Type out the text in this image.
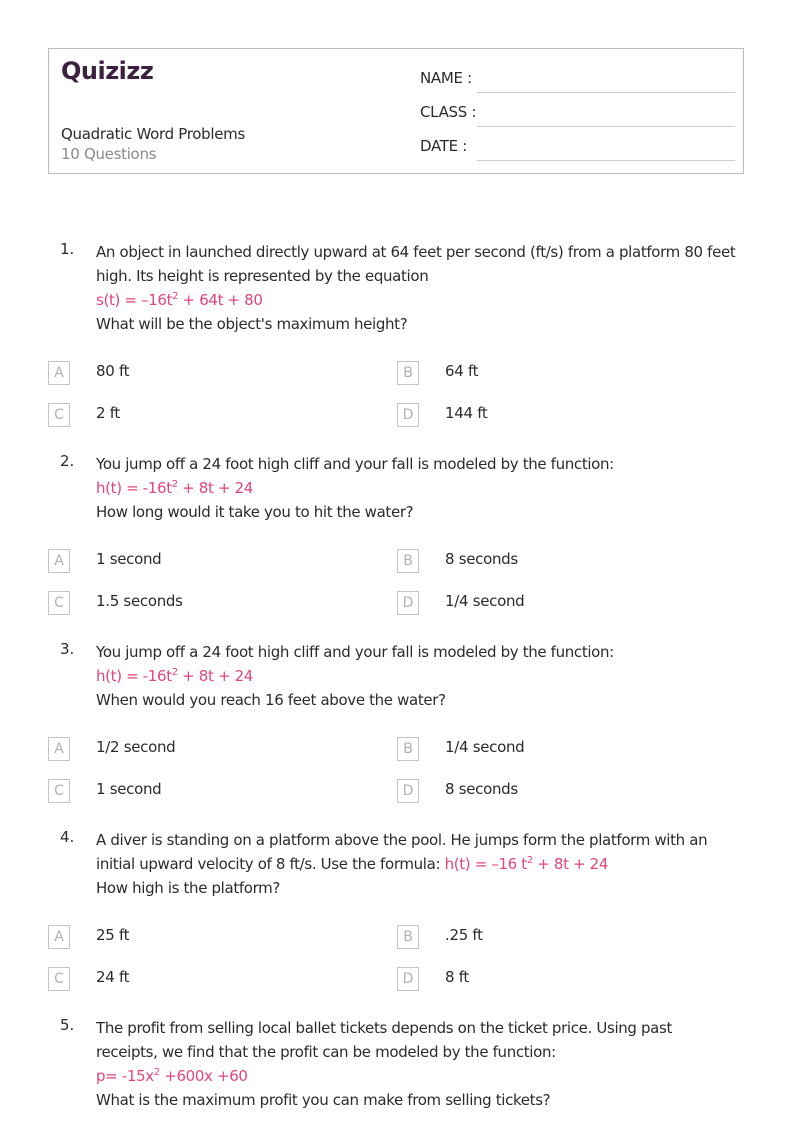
Quizizz
Quadratic Word Problems
10 Questions
NAME :
CLASS :
DATE :
1. An object in launched directly upward at 64 feet per second (ft/s) from a platform 80 feet
high. Its height is represented by the equation
$s(t) = -16t^2 + 64t + 80$
What will be the object's maximum height?
A	80 ft	B	64 ft
C	2 ft	D	144 ft
2. You jump off a 24 foot high cliff and your fall is modeled by the function:
$h(t) = -16t^2 + 8t + 24$
How long would it take you to hit the water?
A	1 second	B	8 seconds
C	1.5 seconds	D	1/4 second
3. You jump off a 24 foot high cliff and your fall is modeled by the function:
$h(t) = -16t^2 + 8t + 24$
When would you reach 16 feet above the water?
A	1/2 second	B	1/4 second
C	1 second	D	8 seconds
4. A diver is standing on a platform above the pool. He jumps form the platform with an
initial upward velocity of 8 ft/s. Use the formula: h(t) = –16 $t^2 + 8t + 24$
How high is the platform?
A	25 ft	B	.25 ft
C	24 ft	D	8 ft
5. The profit from selling local ballet tickets depends on the ticket price. Using past
receipts, we find that the profit can be modeled by the function:
$p= -15x^2 +600x +60$
What is the maximum profit you can make from selling tickets?
